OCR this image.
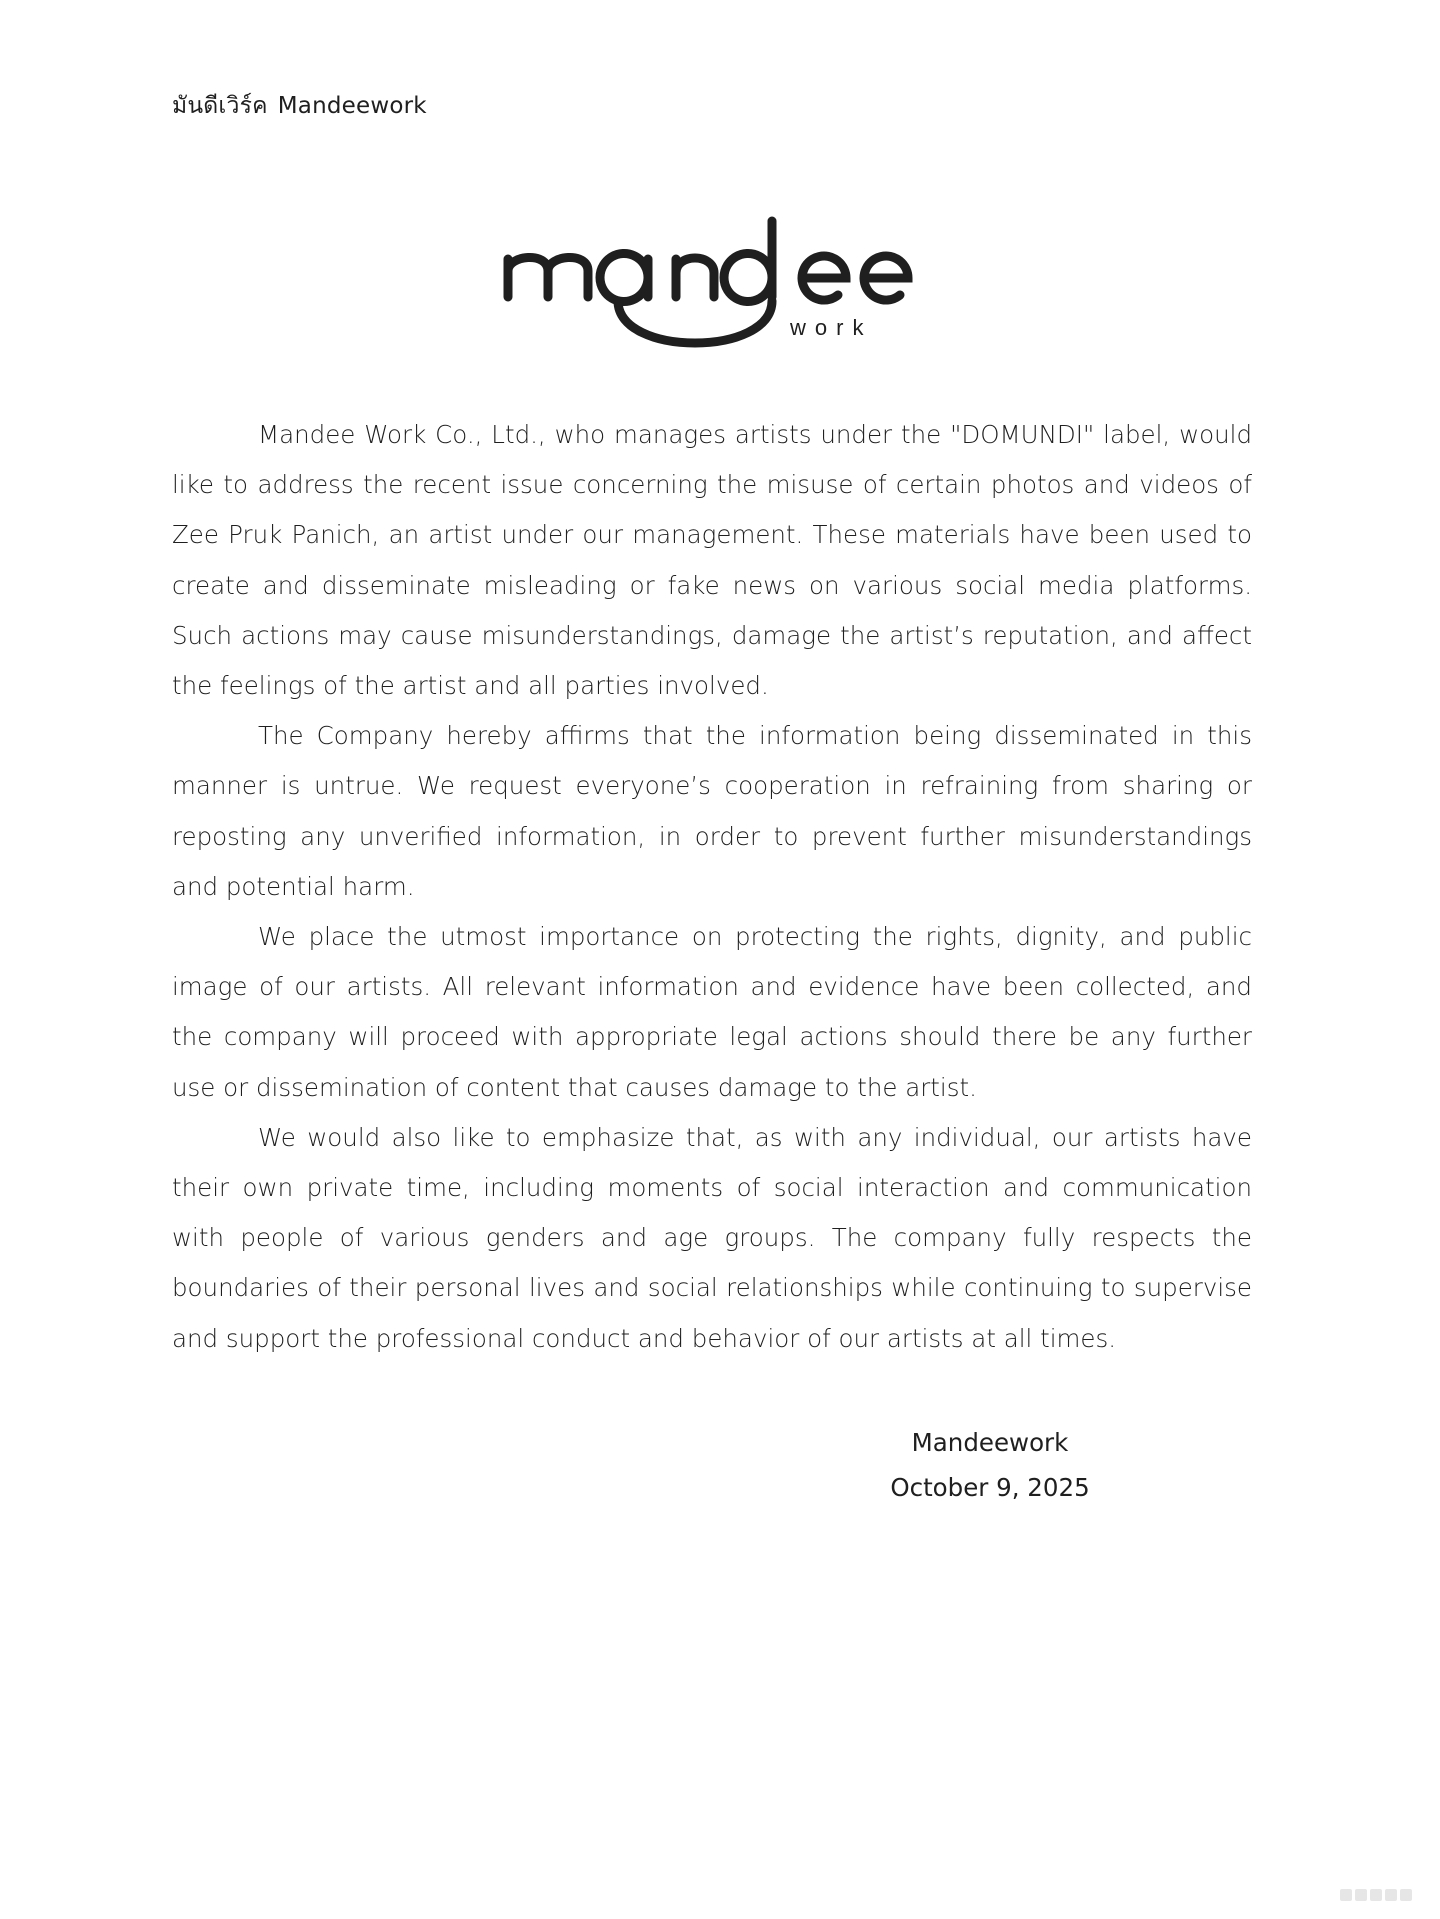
มันดีเวิร์ค Mandeework
work

Mandee Work Co., Ltd., who manages artists under the "DOMUNDI" label, would like to address the recent issue concerning the misuse of certain photos and videos of Zee Pruk Panich, an artist under our management. These materials have been used to create and disseminate misleading or fake news on various social media platforms. Such actions may cause misunderstandings, damage the artist’s reputation, and affect the feelings of the artist and all parties involved.

The Company hereby affirms that the information being disseminated in this manner is untrue. We request everyone’s cooperation in refraining from sharing or reposting any unverified information, in order to prevent further misunderstandings and potential harm.

We place the utmost importance on protecting the rights, dignity, and public image of our artists. All relevant information and evidence have been collected, and the company will proceed with appropriate legal actions should there be any further use or dissemination of content that causes damage to the artist.

We would also like to emphasize that, as with any individual, our artists have their own private time, including moments of social interaction and communication with people of various genders and age groups. The company fully respects the boundaries of their personal lives and social relationships while continuing to supervise and support the professional conduct and behavior of our artists at all times.

Mandeework
October 9, 2025
